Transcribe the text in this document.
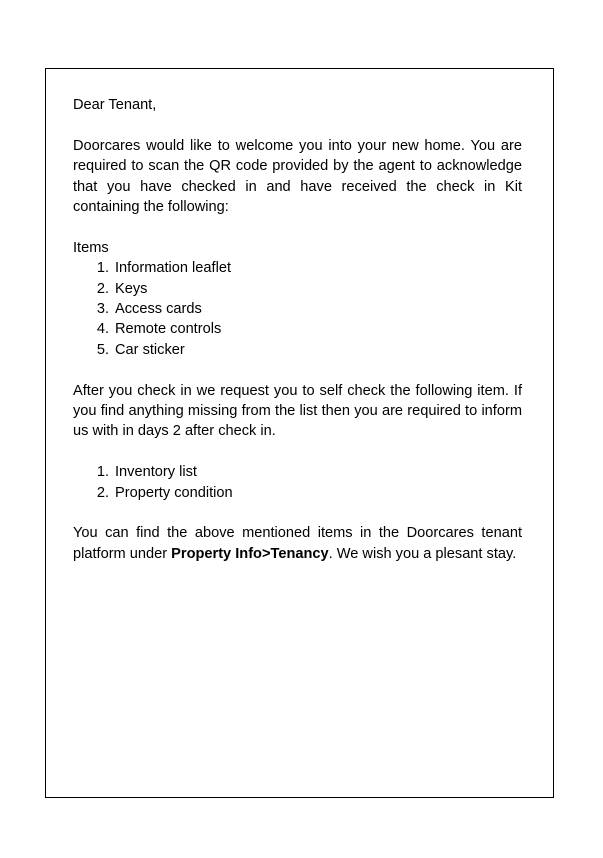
Dear Tenant,

Doorcares would like to welcome you into your new home. You are required to scan the QR code provided by the agent to acknowledge that you have checked in and have received the check in Kit containing the following:

Items

1. Information leaflet
2. Keys
3. Access cards
4. Remote controls
5. Car sticker

After you check in we request you to self check the following item. If you find anything missing from the list then you are required to inform us with in days 2 after check in.

1. Inventory list
2. Property condition

You can find the above mentioned items in the Doorcares tenant platform under Property Info>Tenancy. We wish you a plesant stay.
